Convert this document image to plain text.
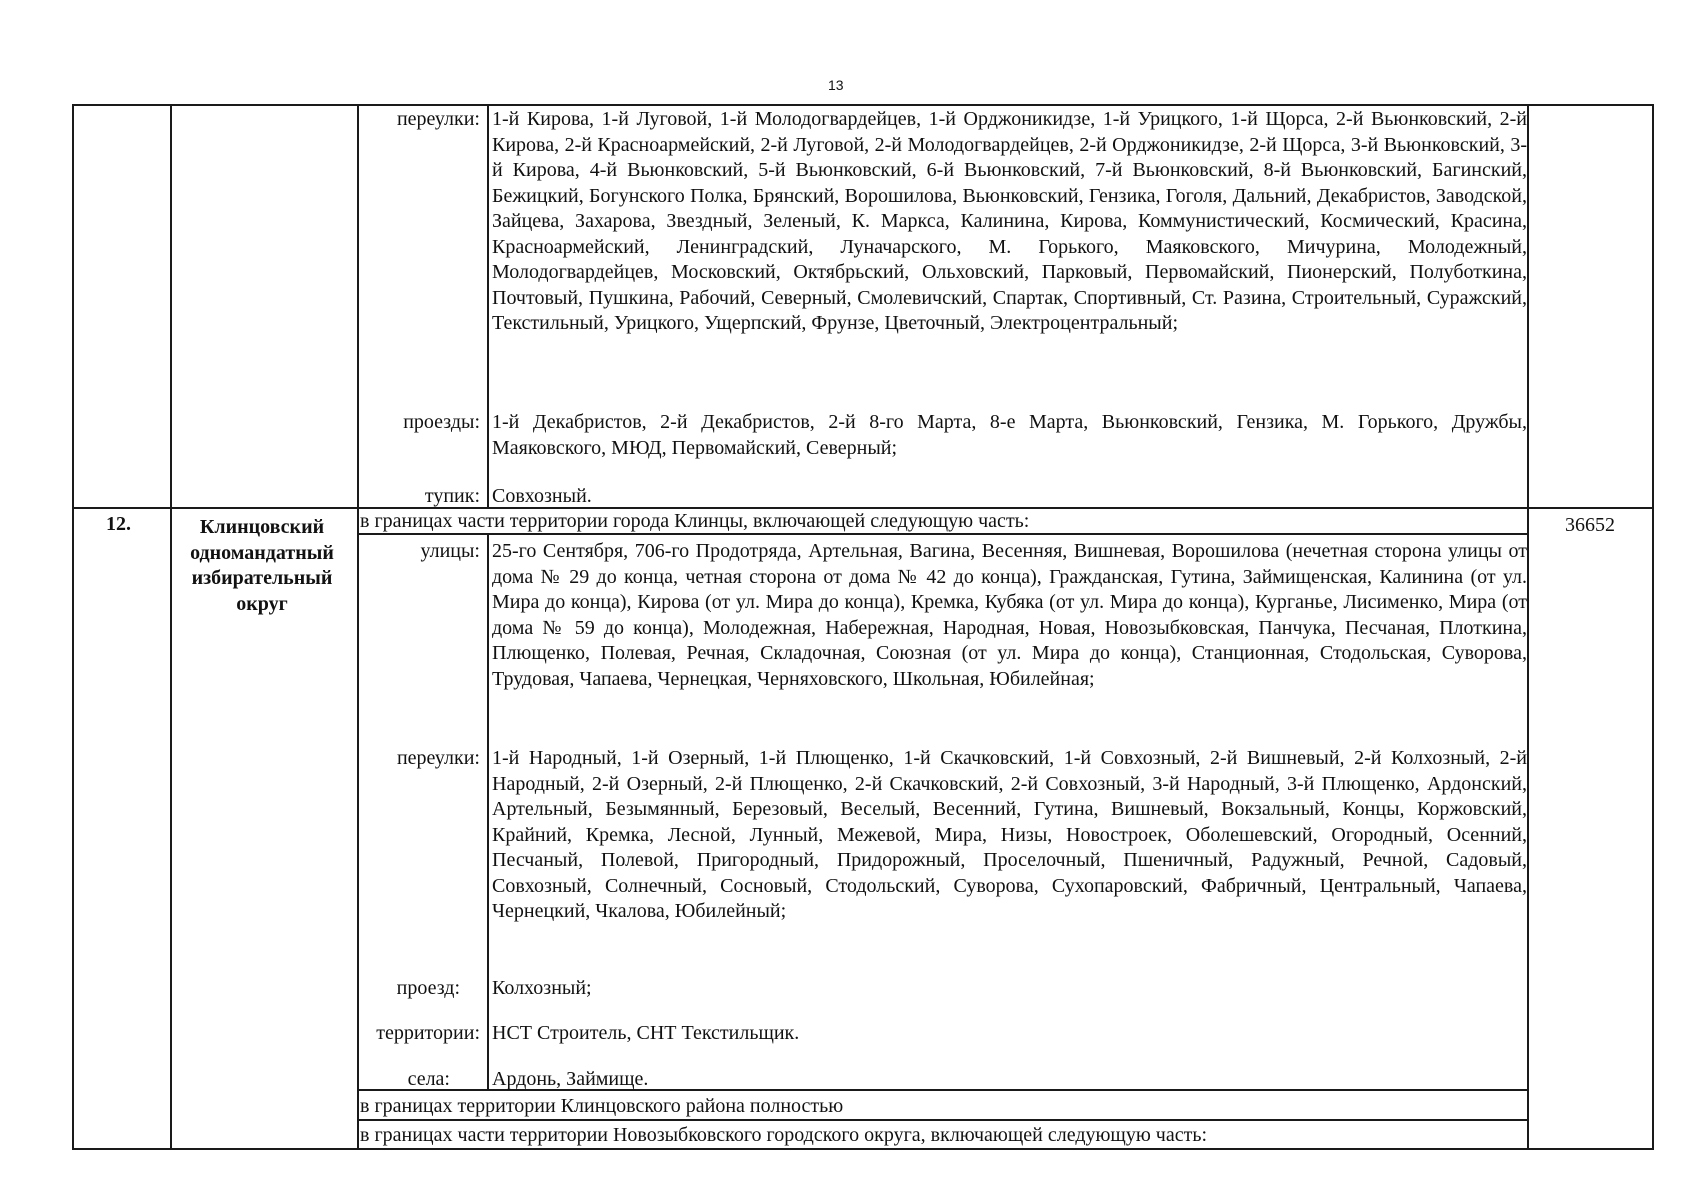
13
переулки: 1-й Кирова, 1-й Луговой, 1-й Молодогвардейцев, 1-й Орджоникидзе, 1-й Урицкого, 1-й Щорса, 2-й Вьюнковский, 2-й Кирова, 2-й Красноармейский, 2-й Луговой, 2-й Молодогвардейцев, 2-й Орджоникидзе, 2-й Щорса, 3-й Вьюнковский, 3-й Кирова, 4-й Вьюнковский, 5-й Вьюнковский, 6-й Вьюнковский, 7-й Вьюнковский, 8-й Вьюнковский, Багинский, Бежицкий, Богунского Полка, Брянский, Ворошилова, Вьюнковский, Гензика, Гоголя, Дальний, Декабристов, Заводской, Зайцева, Захарова, Звездный, Зеленый, К. Маркса, Калинина, Кирова, Коммунистический, Космический, Красина, Красноармейский, Ленинградский, Луначарского, М. Горького, Маяковского, Мичурина, Молодежный, Молодогвардейцев, Московский, Октябрьский, Ольховский, Парковый, Первомайский, Пионерский, Полуботкина, Почтовый, Пушкина, Рабочий, Северный, Смолевичский, Спартак, Спортивный, Ст. Разина, Строительный, Суражский, Текстильный, Урицкого, Ущерпский, Фрунзе, Цветочный, Электроцентральный;
проезды: 1-й Декабристов, 2-й Декабристов, 2-й 8-го Марта, 8-е Марта, Вьюнковский, Гензика, М. Горького, Дружбы, Маяковского, МЮД, Первомайский, Северный;
тупик: Совхозный.
12.	Клинцовский одномандатный избирательный округ
36652
в границах части территории города Клинцы, включающей следующую часть:
улицы: 25-го Сентября, 706-го Продотряда, Артельная, Вагина, Весенняя, Вишневая, Ворошилова (нечетная сторона улицы от дома № 29 до конца, четная сторона от дома № 42 до конца), Гражданская, Гутина, Займищенская, Калинина (от ул. Мира до конца), Кирова (от ул. Мира до конца), Кремка, Кубяка (от ул. Мира до конца), Курганье, Лисименко, Мира (от дома № 59 до конца), Молодежная, Набережная, Народная, Новая, Новозыбковская, Панчука, Песчаная, Плоткина, Плющенко, Полевая, Речная, Складочная, Союзная (от ул. Мира до конца), Станционная, Стодольская, Суворова, Трудовая, Чапаева, Чернецкая, Черняховского, Школьная, Юбилейная;
переулки: 1-й Народный, 1-й Озерный, 1-й Плющенко, 1-й Скачковский, 1-й Совхозный, 2-й Вишневый, 2-й Колхозный, 2-й Народный, 2-й Озерный, 2-й Плющенко, 2-й Скачковский, 2-й Совхозный, 3-й Народный, 3-й Плющенко, Ардонский, Артельный, Безымянный, Березовый, Веселый, Весенний, Гутина, Вишневый, Вокзальный, Концы, Коржовский, Крайний, Кремка, Лесной, Лунный, Межевой, Мира, Низы, Новостроек, Оболешевский, Огородный, Осенний, Песчаный, Полевой, Пригородный, Придорожный, Проселочный, Пшеничный, Радужный, Речной, Садовый, Совхозный, Солнечный, Сосновый, Стодольский, Суворова, Сухопаровский, Фабричный, Центральный, Чапаева, Чернецкий, Чкалова, Юбилейный;
проезд: Колхозный;
территории: НСТ Строитель, СНТ Текстильщик.
села: Ардонь, Займище.
в границах территории Клинцовского района полностью
в границах части территории Новозыбковского городского округа, включающей следующую часть:
